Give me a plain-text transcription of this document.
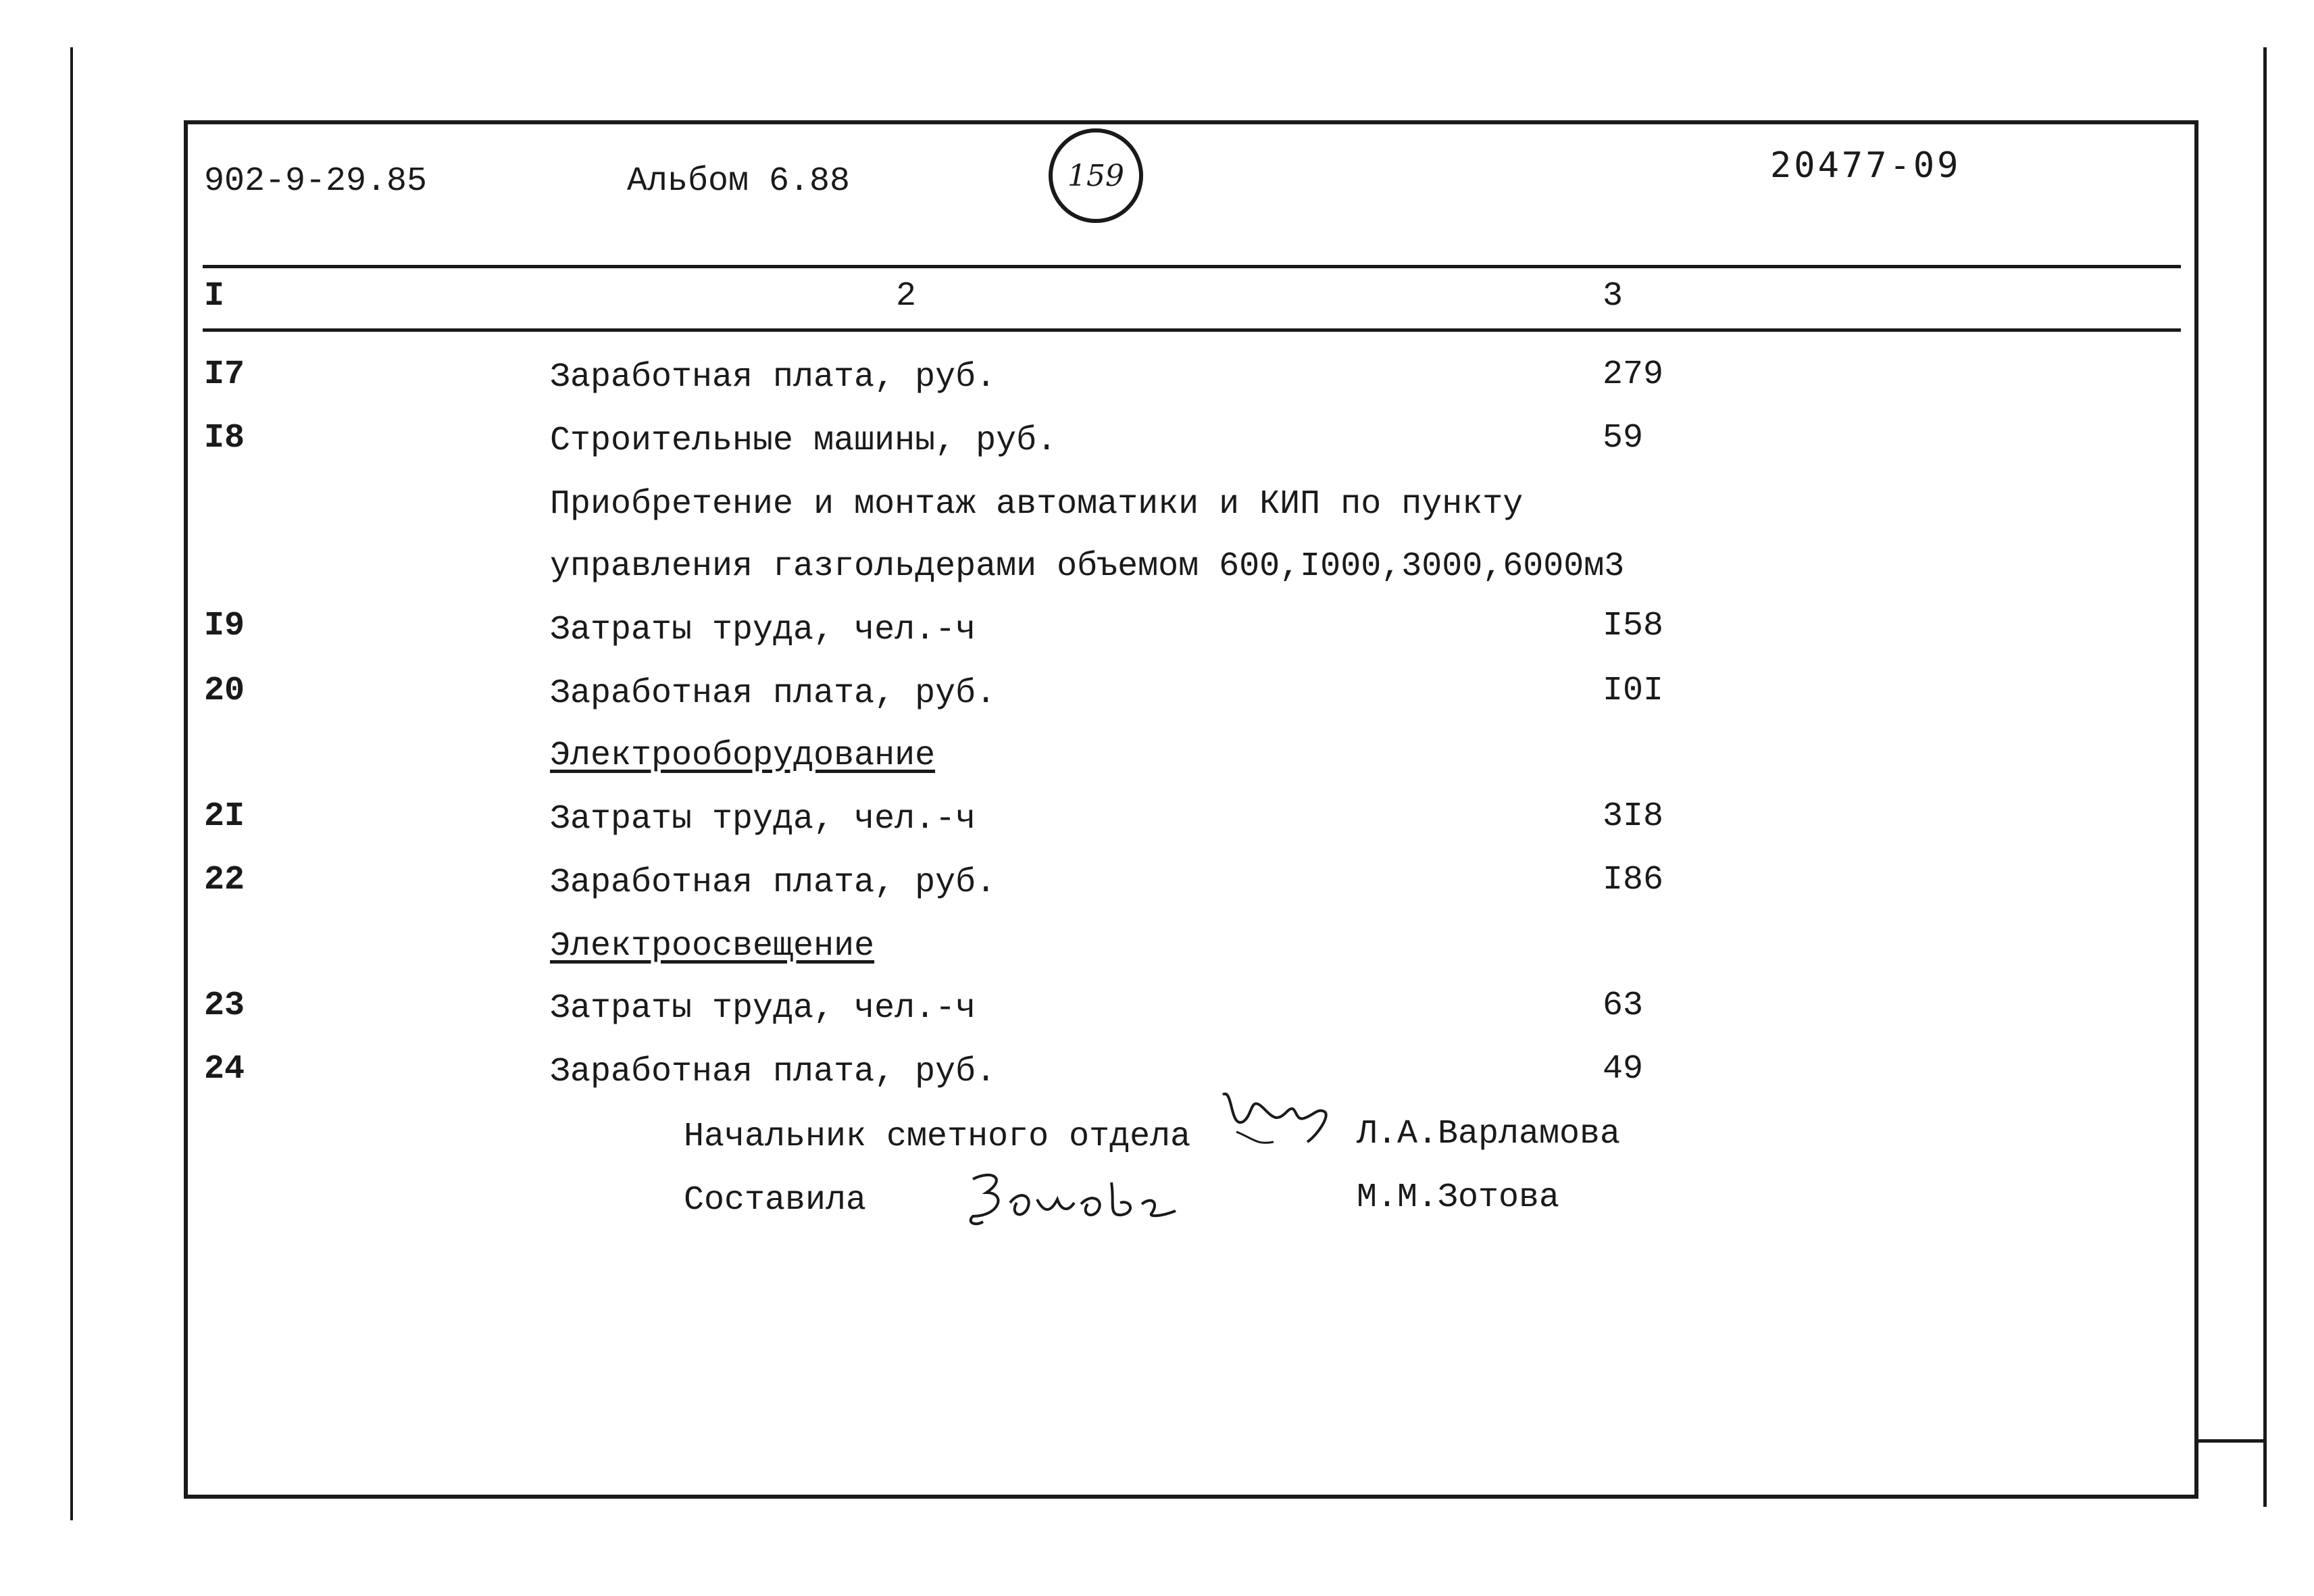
902-9-29.85	Альбом 6.88	159	20477-09
I	2	3
I7	Заработная плата, руб.	279
I8	Строительные машины, руб.	59
Приобретение и монтаж автоматики и КИП по пункту
управления газгольдерами объемом 600,I000,3000,6000м3
I9	Затраты труда, чел.-ч	I58
20	Заработная плата, руб.	I0I
Электрооборудование
2I	Затраты труда, чел.-ч	3I8
22	Заработная плата, руб.	I86
Электроосвещение
23	Затраты труда, чел.-ч	63
24	Заработная плата, руб.	49
Начальник сметного отдела	Л.А.Варламова
Составила	М.М.Зотова
